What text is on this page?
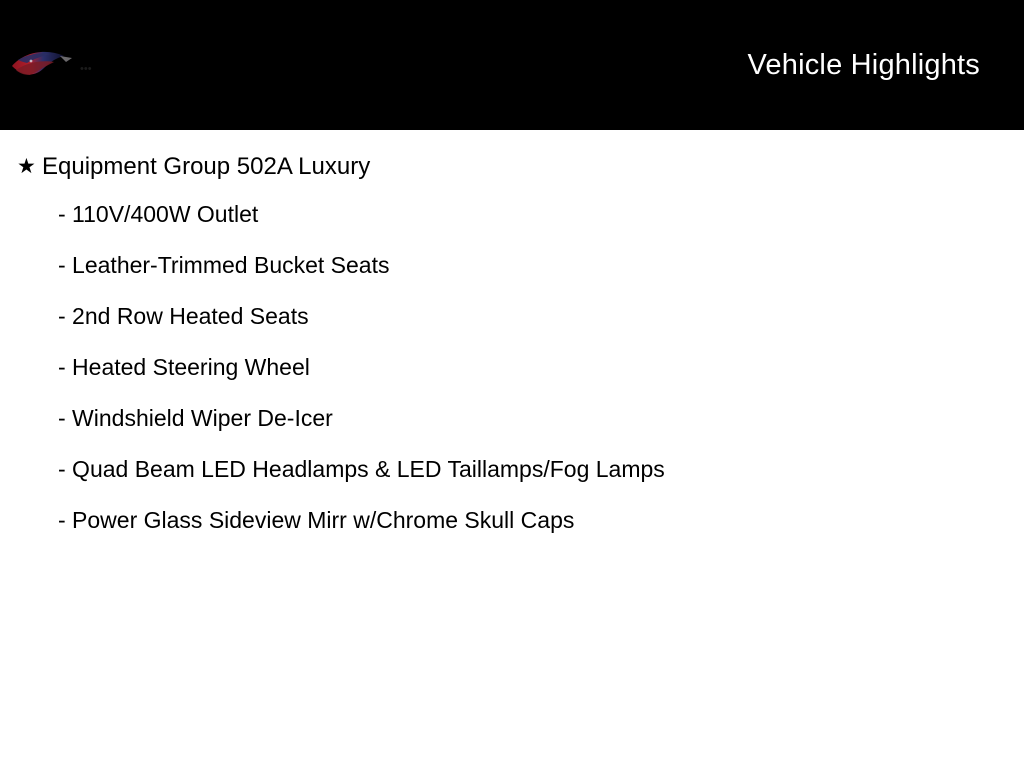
•••	Vehicle Highlights
★ Equipment Group 502A Luxury
- 110V/400W Outlet
- Leather-Trimmed Bucket Seats
- 2nd Row Heated Seats
- Heated Steering Wheel
- Windshield Wiper De-Icer
- Quad Beam LED Headlamps & LED Taillamps/Fog Lamps
- Power Glass Sideview Mirr w/Chrome Skull Caps
